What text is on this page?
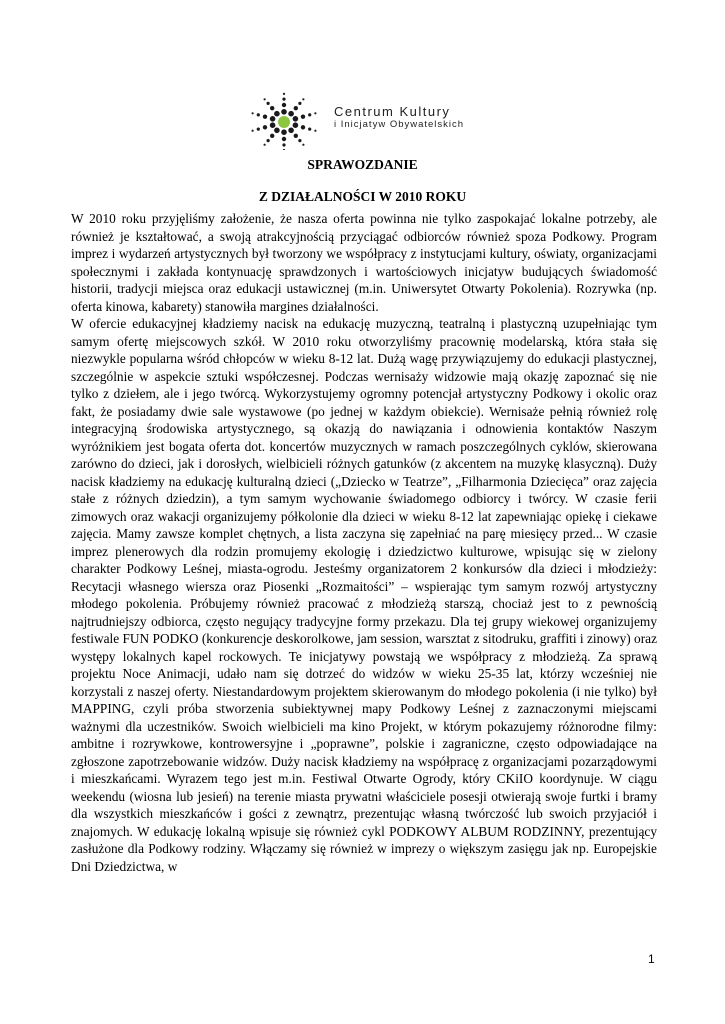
Centrum Kultury
i Inicjatyw Obywatelskich
SPRAWOZDANIE
Z DZIAŁALNOŚCI W 2010 ROKU

W 2010 roku przyjęliśmy założenie, że nasza oferta powinna nie tylko zaspokajać lokalne potrzeby, ale również je kształtować, a swoją atrakcyjnością przyciągać odbiorców również spoza Podkowy. Program imprez i wydarzeń artystycznych był tworzony we współpracy z instytucjami kultury, oświaty, organizacjami społecznymi i zakłada kontynuację sprawdzonych i wartościowych inicjatyw budujących świadomość historii, tradycji miejsca oraz edukacji ustawicznej (m.in. Uniwersytet Otwarty Pokolenia). Rozrywka (np. oferta kinowa, kabarety) stanowiła margines działalności.

W ofercie edukacyjnej kładziemy nacisk na edukację muzyczną, teatralną i plastyczną uzupełniając tym samym ofertę miejscowych szkół. W 2010 roku otworzyliśmy pracownię modelarską, która stała się niezwykle popularna wśród chłopców w wieku 8-12 lat. Dużą wagę przywiązujemy do edukacji plastycznej, szczególnie w aspekcie sztuki współczesnej. Podczas wernisaży widzowie mają okazję zapoznać się nie tylko z dziełem, ale i jego twórcą. Wykorzystujemy ogromny potencjał artystyczny Podkowy i okolic oraz fakt, że posiadamy dwie sale wystawowe (po jednej w każdym obiekcie). Wernisaże pełnią również rolę integracyjną środowiska artystycznego, są okazją do nawiązania i odnowienia kontaktów Naszym wyróżnikiem jest bogata oferta dot. koncertów muzycznych w ramach poszczególnych cyklów, skierowana zarówno do dzieci, jak i dorosłych, wielbicieli różnych gatunków (z akcentem na muzykę klasyczną). Duży nacisk kładziemy na edukację kulturalną dzieci („Dziecko w Teatrze”, „Filharmonia Dziecięca” oraz zajęcia stałe z różnych dziedzin), a tym samym wychowanie świadomego odbiorcy i twórcy. W czasie ferii zimowych oraz wakacji organizujemy półkolonie dla dzieci w wieku 8-12 lat zapewniając opiekę i ciekawe zajęcia. Mamy zawsze komplet chętnych, a lista zaczyna się zapełniać na parę miesięcy przed... W czasie imprez plenerowych dla rodzin promujemy ekologię i dziedzictwo kulturowe, wpisując się w zielony charakter Podkowy Leśnej, miasta-ogrodu. Jesteśmy organizatorem 2 konkursów dla dzieci i młodzieży: Recytacji własnego wiersza oraz Piosenki „Rozmaitości” – wspierając tym samym rozwój artystyczny młodego pokolenia. Próbujemy również pracować z młodzieżą starszą, chociaż jest to z pewnością najtrudniejszy odbiorca, często negujący tradycyjne formy przekazu. Dla tej grupy wiekowej organizujemy festiwale FUN PODKO (konkurencje deskorolkowe, jam session, warsztat z sitodruku, graffiti i zinowy) oraz występy lokalnych kapel rockowych. Te inicjatywy powstają we współpracy z młodzieżą. Za sprawą projektu Noce Animacji, udało nam się dotrzeć do widzów w wieku 25-35 lat, którzy wcześniej nie korzystali z naszej oferty. Niestandardowym projektem skierowanym do młodego pokolenia (i nie tylko) był MAPPING, czyli próba stworzenia subiektywnej mapy Podkowy Leśnej z zaznaczonymi miejscami ważnymi dla uczestników. Swoich wielbicieli ma kino Projekt, w którym pokazujemy różnorodne filmy: ambitne i rozrywkowe, kontrowersyjne i „poprawne”, polskie i zagraniczne, często odpowiadające na zgłoszone zapotrzebowanie widzów. Duży nacisk kładziemy na współpracę z organizacjami pozarządowymi i mieszkańcami. Wyrazem tego jest m.in. Festiwal Otwarte Ogrody, który CKiIO koordynuje. W ciągu weekendu (wiosna lub jesień) na terenie miasta prywatni właściciele posesji otwierają swoje furtki i bramy dla wszystkich mieszkańców i gości z zewnątrz, prezentując własną twórczość lub swoich przyjaciół i znajomych. W edukację lokalną wpisuje się również cykl PODKOWY ALBUM RODZINNY, prezentujący zasłużone dla Podkowy rodziny. Włączamy się również w imprezy o większym zasięgu jak np. Europejskie Dni Dziedzictwa, w

1
